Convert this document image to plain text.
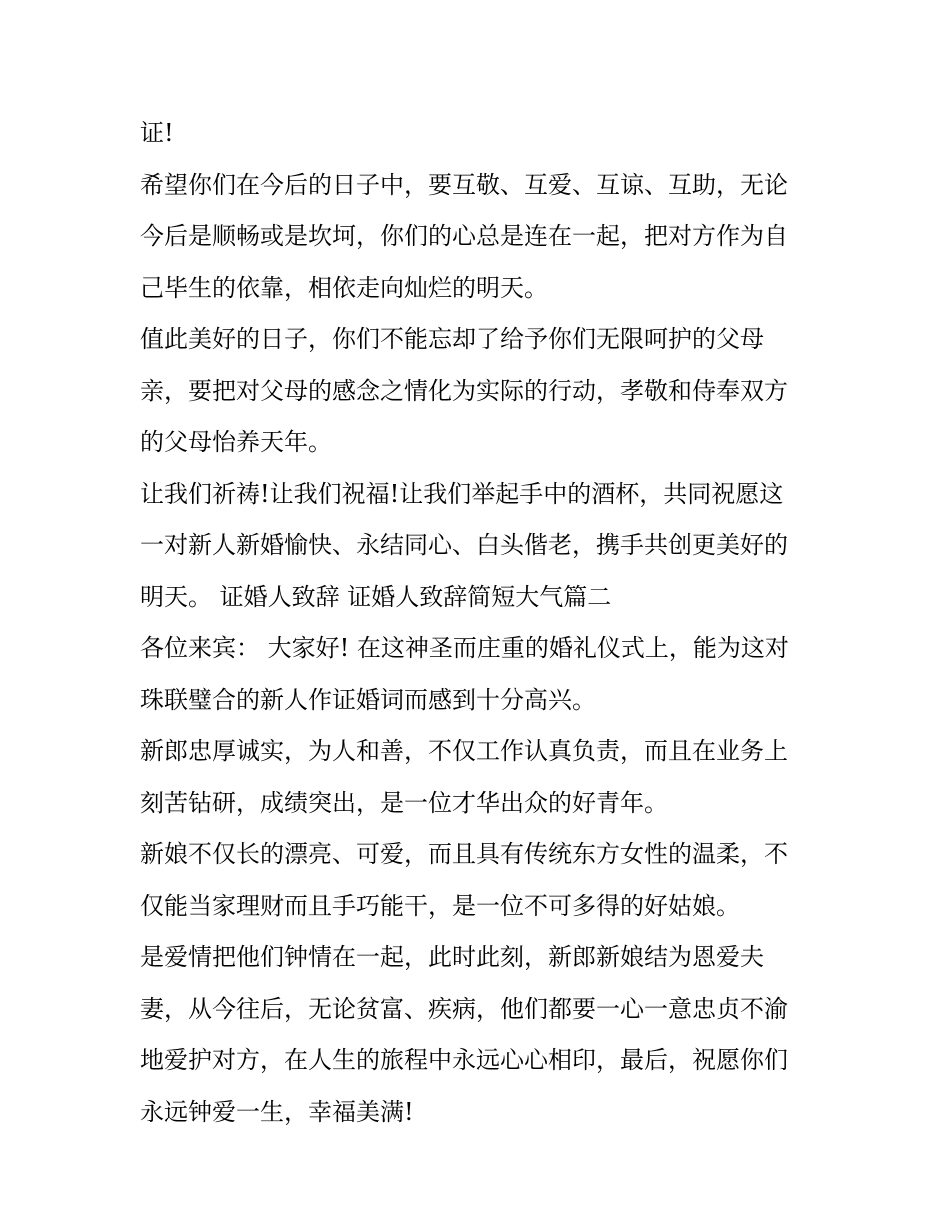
证!
希望你们在今后的日子中，要互敬、互爱、互谅、互助，无论
今后是顺畅或是坎坷，你们的心总是连在一起，把对方作为自
己毕生的依靠，相依走向灿烂的明天。
值此美好的日子，你们不能忘却了给予你们无限呵护的父母
亲，要把对父母的感念之情化为实际的行动，孝敬和侍奉双方
的父母怡养天年。
让我们祈祷!让我们祝福!让我们举起手中的酒杯，共同祝愿这
一对新人新婚愉快、永结同心、白头偕老，携手共创更美好的
明天。 证婚人致辞 证婚人致辞简短大气篇二
各位来宾： 大家好! 在这神圣而庄重的婚礼仪式上，能为这对
珠联璧合的新人作证婚词而感到十分高兴。
新郎忠厚诚实，为人和善，不仅工作认真负责，而且在业务上
刻苦钻研，成绩突出，是一位才华出众的好青年。
新娘不仅长的漂亮、可爱，而且具有传统东方女性的温柔，不
仅能当家理财而且手巧能干，是一位不可多得的好姑娘。
是爱情把他们钟情在一起，此时此刻，新郎新娘结为恩爱夫
妻，从今往后，无论贫富、疾病，他们都要一心一意忠贞不渝
地爱护对方，在人生的旅程中永远心心相印，最后，祝愿你们
永远钟爱一生，幸福美满!
